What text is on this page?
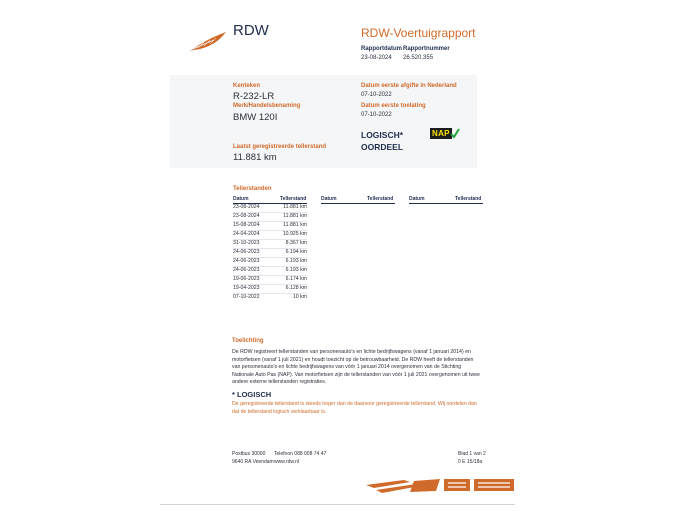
RDW	RDW-Voertuigrapport
Rapportdatum
23-08-2024
Rapportnummer
26.520.355
Kenteken
R-232-LR
Merk/Handelsbenaming
BMW 120I
Datum eerste afgifte in Nederland
07-10-2022
Datum eerste toelating
07-10-2022
LOGISCH*
OORDEEL
NAP
Laatst geregistreerde tellerstand
11.881 km
Tellerstanden
Datum	Tellerstand	Datum	Tellerstand	Datum	Tellerstand
23-08-2024	11.881 km
23-08-2024	11.881 km
15-08-2024	11.881 km
24-04-2024	10.925 km
31-10-2023	8.367 km
24-06-2023	6.194 km
24-06-2023	6.193 km
24-06-2023	6.193 km
19-06-2023	6.174 km
19-04-2023	6.128 km
07-10-2022	10 km
Toelichting
De RDW registreert tellerstanden van personenauto's en lichte bedrijfswagens (vanaf 1 januari 2014) en motorfietsen (vanaf 1 juli 2021) en houdt toezicht op de betrouwbaarheid. De RDW heeft de tellerstanden van personenauto's en lichte bedrijfswagens van vóór 1 januari 2014 overgenomen van de Stichting Nationale Auto Pas (NAP). Van motorfietsen zijn de tellerstanden van vóór 1 juli 2021 overgenomen uit twee andere externe tellerstanden registraties.
* LOGISCH
De geregistreerde tellerstand is steeds hoger dan de daarvoor geregistreerde tellerstand. Wij oordelen dan dat de tellerstand logisch verklaarbaar is.
Postbus 30000
9640 RA Veendam
Telefoon 088 008 74 47
www.rdw.nl
Blad 1 van 2
0 E 15/18a
